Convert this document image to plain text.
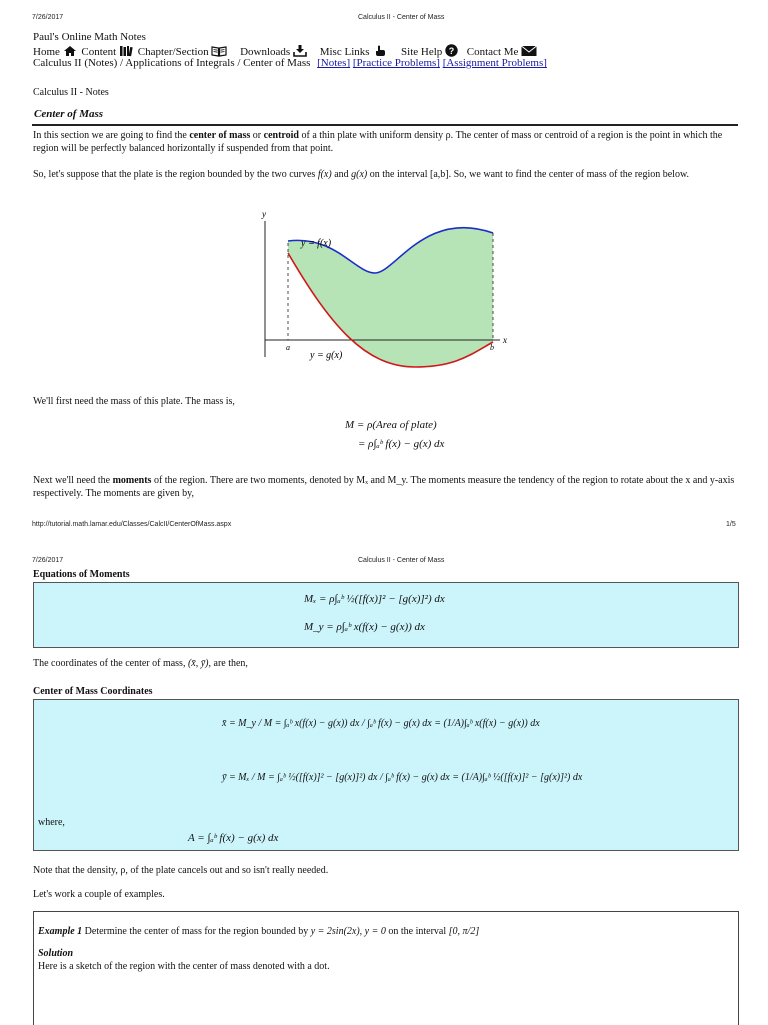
7/26/2017	Calculus II - Center of Mass
Paul's Online Math Notes
Home Content Chapter/Section	Downloads	Misc Links	Site Help ? Contact Me
Calculus II (Notes) / Applications of Integrals / Center of Mass [Notes] [Practice Problems] [Assignment Problems]
Calculus II - Notes
Center of Mass
In this section we are going to find the center of mass or centroid of a thin plate with uniform density ρ. The center of mass or centroid of a region is the point in which the region will be perfectly balanced horizontally if suspended from that point.
So, let's suppose that the plate is the region bounded by the two curves f(x) and g(x) on the interval [a,b]. So, we want to find the center of mass of the region below.
y
x
y = f(x)
y = g(x)
a	b
We'll first need the mass of this plate. The mass is,
M = ρ(Area of plate)
= ρ∫ₐᵇ f(x) − g(x) dx
Next we'll need the moments of the region. There are two moments, denoted by Mₓ and M_y. The moments measure the tendency of the region to rotate about the x and y-axis respectively. The moments are given by,
http://tutorial.math.lamar.edu/Classes/CalcII/CenterOfMass.aspx	1/5
7/26/2017	Calculus II - Center of Mass
Equations of Moments
Mₓ = ρ∫ₐᵇ ½([f(x)]² − [g(x)]²) dx
M_y = ρ∫ₐᵇ x(f(x) − g(x)) dx
The coordinates of the center of mass, (x̄, ȳ), are then,
Center of Mass Coordinates
x̄ = M_y / M = ∫ₐᵇ x(f(x) − g(x)) dx / ∫ₐᵇ f(x) − g(x) dx = (1/A)∫ₐᵇ x(f(x) − g(x)) dx
ȳ = Mₓ / M = ∫ₐᵇ ½([f(x)]² − [g(x)]²) dx / ∫ₐᵇ f(x) − g(x) dx = (1/A)∫ₐᵇ ½([f(x)]² − [g(x)]²) dx
where,
A = ∫ₐᵇ f(x) − g(x) dx
Note that the density, ρ, of the plate cancels out and so isn't really needed.
Let's work a couple of examples.
Example 1 Determine the center of mass for the region bounded by y = 2sin(2x), y = 0 on the interval [0, π/2]
Solution
Here is a sketch of the region with the center of mass denoted with a dot.
